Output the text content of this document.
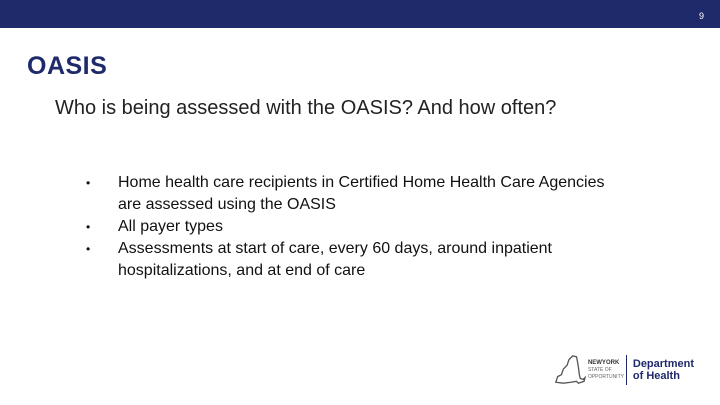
9
OASIS
Who is being assessed with the OASIS? And how often?
• Home health care recipients in Certified Home Health Care Agencies are assessed using the OASIS
• All payer types
• Assessments at start of care, every 60 days, around inpatient hospitalizations, and at end of care
NEWYORK
STATE OF
OPPORTUNITY
Department
of Health
